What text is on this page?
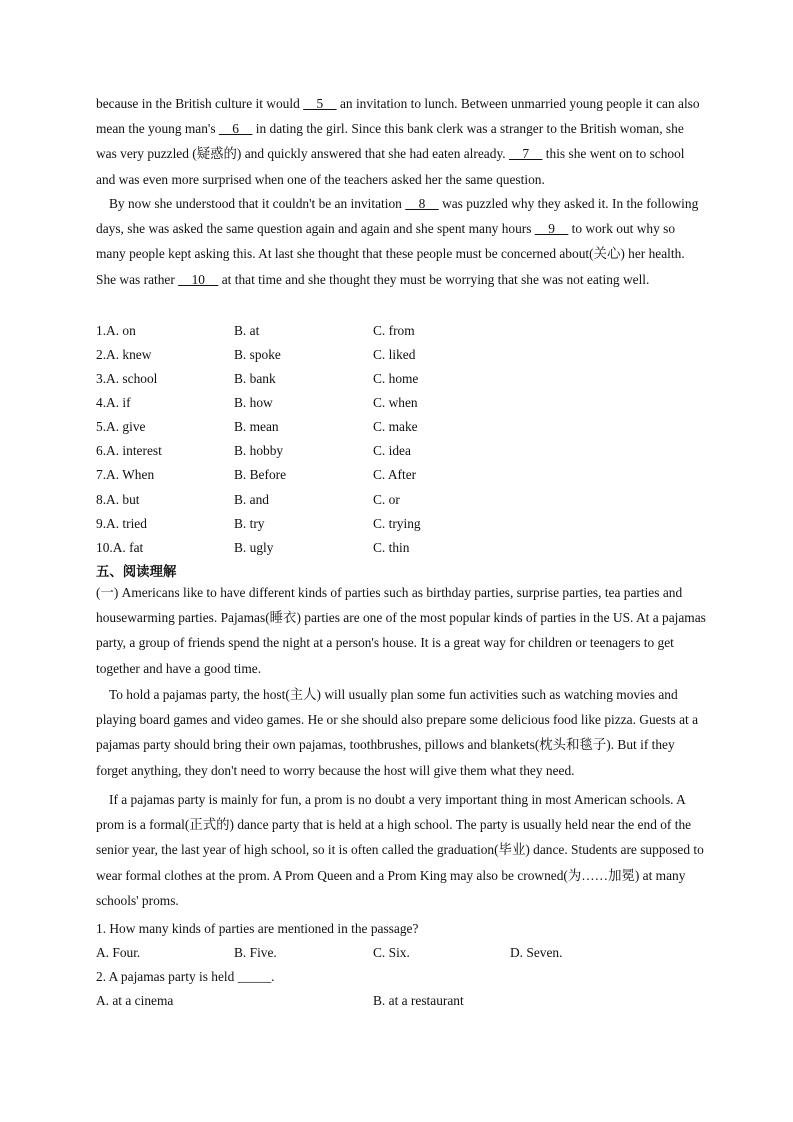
because in the British culture it would     5     an invitation to lunch. Between unmarried young people it can also mean the young man's     6     in dating the girl. Since this bank clerk was a stranger to the British woman, she was very puzzled (疑惑的) and quickly answered that she had eaten already.     7     this she went on to school and was even more surprised when one of the teachers asked her the same question.

By now she understood that it couldn't be an invitation     8     was puzzled why they asked it. In the following days, she was asked the same question again and again and she spent many hours     9     to work out why so many people kept asking this. At last she thought that these people must be concerned about(关心) her health. She was rather     10     at that time and she thought they must be worrying that she was not eating well.

1.A. on	B. at	C. from
2.A. knew	B. spoke	C. liked
3.A. school	B. bank	C. home
4.A. if	B. how	C. when
5.A. give	B. mean	C. make
6.A. interest	B. hobby	C. idea
7.A. When	B. Before	C. After
8.A. but	B. and	C. or
9.A. tried	B. try	C. trying
10.A. fat	B. ugly	C. thin
五、阅读理解

(一) Americans like to have different kinds of parties such as birthday parties, surprise parties, tea parties and housewarming parties. Pajamas(睡衣) parties are one of the most popular kinds of parties in the US. At a pajamas party, a group of friends spend the night at a person's house. It is a great way for children or teenagers to get together and have a good time.

To hold a pajamas party, the host(主人) will usually plan some fun activities such as watching movies and playing board games and video games. He or she should also prepare some delicious food like pizza. Guests at a pajamas party should bring their own pajamas, toothbrushes, pillows and blankets(枕头和毯子). But if they forget anything, they don't need to worry because the host will give them what they need.

If a pajamas party is mainly for fun, a prom is no doubt a very important thing in most American schools. A prom is a formal(正式的) dance party that is held at a high school. The party is usually held near the end of the senior year, the last year of high school, so it is often called the graduation(毕业) dance. Students are supposed to wear formal clothes at the prom. A Prom Queen and a Prom King may also be crowned(为……加冕) at many schools' proms.

1. How many kinds of parties are mentioned in the passage?
A. Four.	B. Five.	C. Six.	D. Seven.
2. A pajamas party is held _____.
A. at a cinema	B. at a restaurant
